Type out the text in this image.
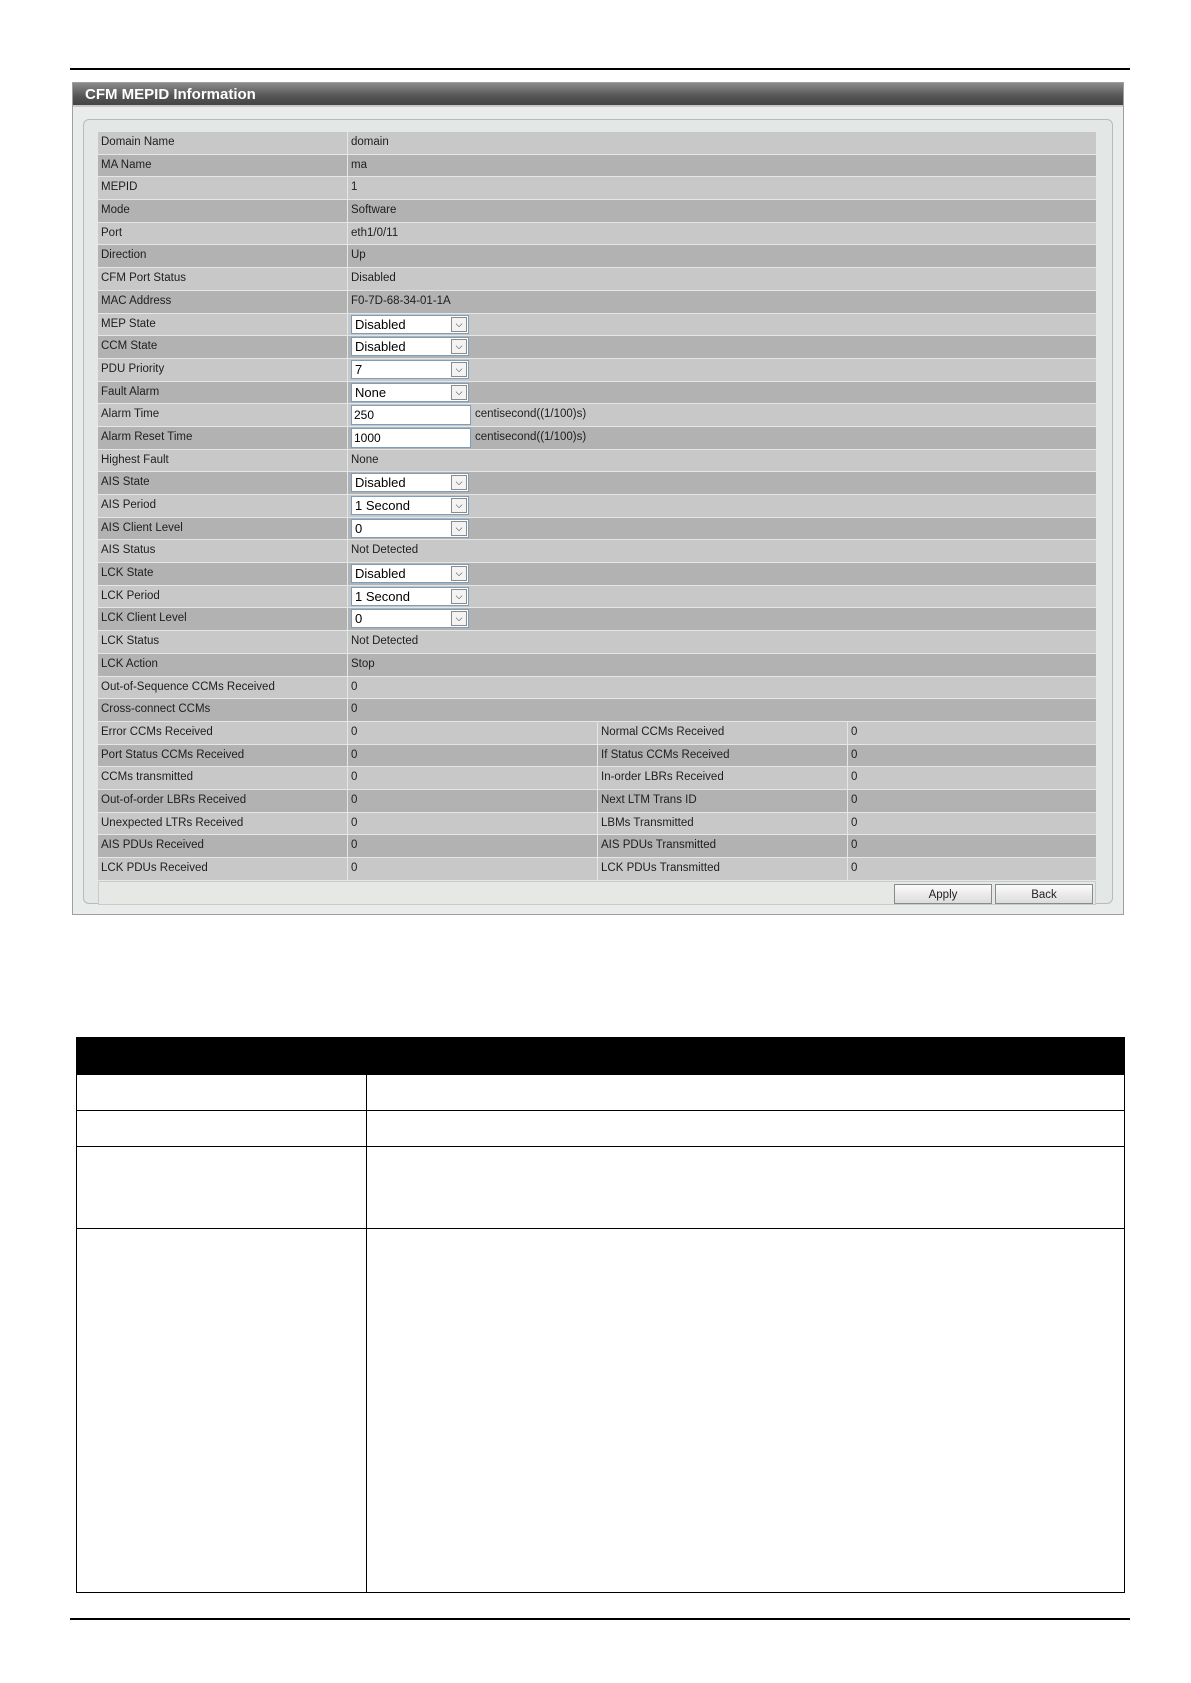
CFM MEPID Information
Domain Name	domain
MA Name	ma
MEPID	1
Mode	Software
Port	eth1/0/11
Direction	Up
CFM Port Status	Disabled
MAC Address	F0-7D-68-34-01-1A
MEP State	Disabled	⌵
CCM State	Disabled	⌵
PDU Priority	7	⌵
Fault Alarm	None	⌵
Alarm Time	250	centisecond((1/100)s)
Alarm Reset Time	1000	centisecond((1/100)s)
Highest Fault	None
AIS State	Disabled	⌵
AIS Period	1 Second	⌵
AIS Client Level	0	⌵
AIS Status	Not Detected
LCK State	Disabled	⌵
LCK Period	1 Second	⌵
LCK Client Level	0	⌵
LCK Status	Not Detected
LCK Action	Stop
Out-of-Sequence CCMs Received	0
Cross-connect CCMs	0
Error CCMs Received	0	Normal CCMs Received	0
Port Status CCMs Received	0	If Status CCMs Received	0
CCMs transmitted	0	In-order LBRs Received	0
Out-of-order LBRs Received	0	Next LTM Trans ID	0
Unexpected LTRs Received	0	LBMs Transmitted	0
AIS PDUs Received	0	AIS PDUs Transmitted	0
LCK PDUs Received	0	LCK PDUs Transmitted	0
Apply	Back
